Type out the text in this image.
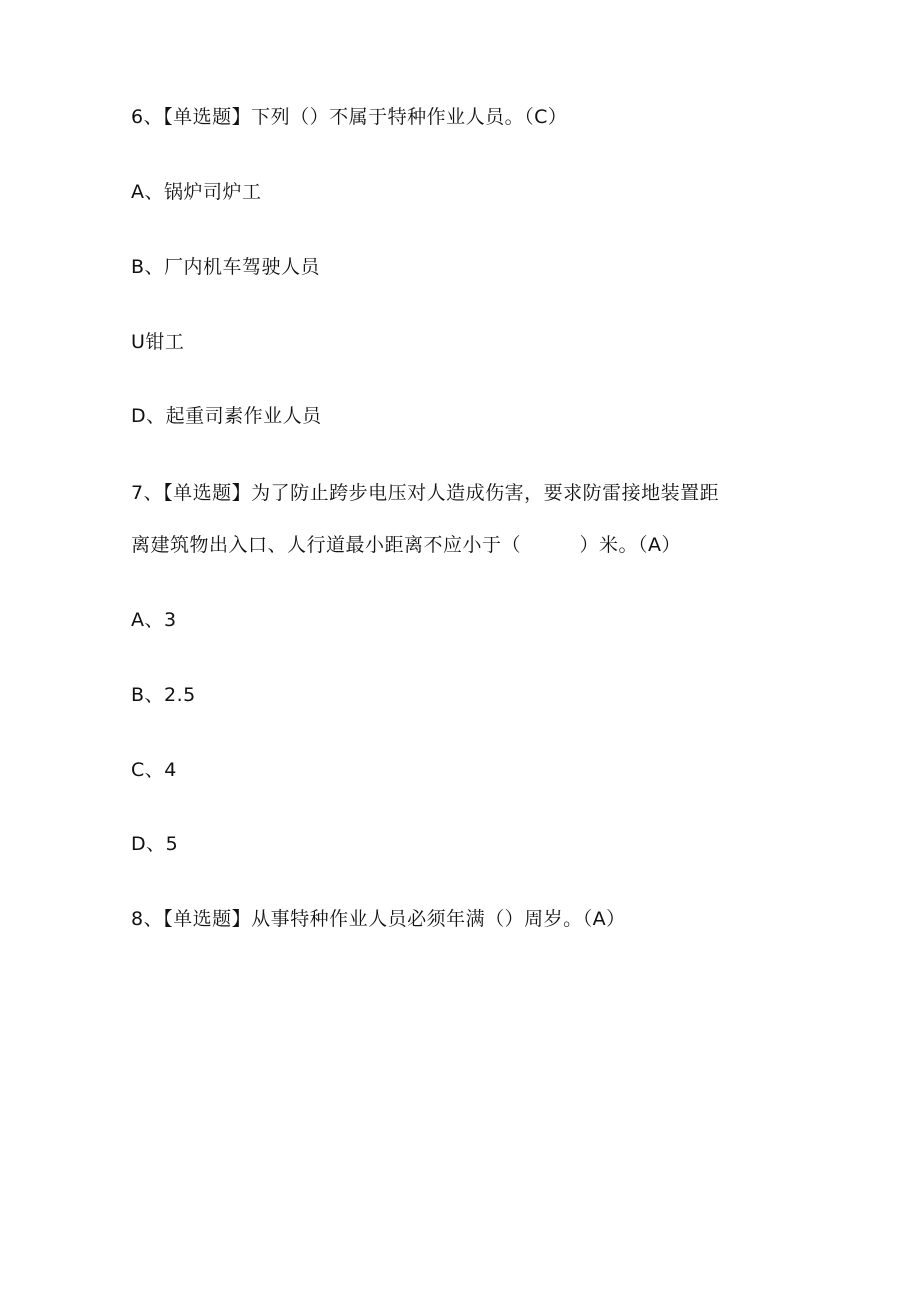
6、【单选题】下列（）不属于特种作业人员。（C）
A、锅炉司炉工
B、厂内机车驾驶人员
U钳工
D、起重司素作业人员
7、【单选题】为了防止跨步电压对人造成伤害，要求防雷接地装置距
离建筑物出入口、人行道最小距离不应小于（　　　）米。（A）
A、3
B、2.5
C、4
D、5
8、【单选题】从事特种作业人员必须年满（）周岁。（A）
